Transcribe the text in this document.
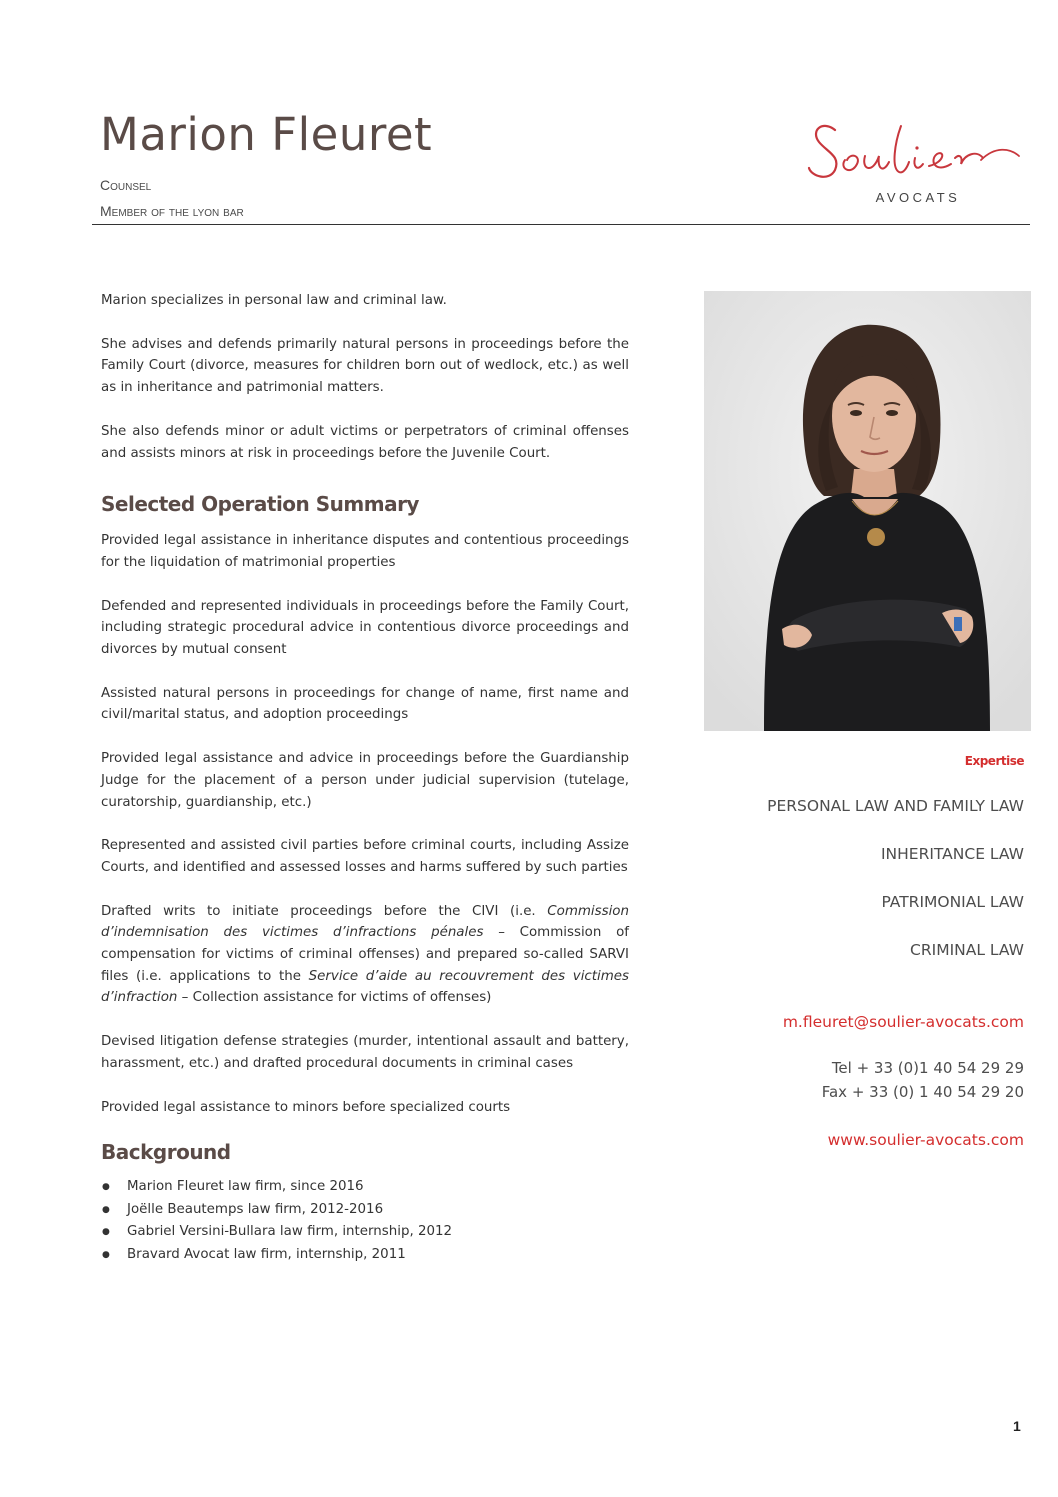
Marion Fleuret
Counsel
Member of the lyon bar
AVOCATS

Marion specializes in personal law and criminal law.

She advises and defends primarily natural persons in proceedings before the Family Court (divorce, measures for children born out of wedlock, etc.) as well as in inheritance and patrimonial matters.

She also defends minor or adult victims or perpetrators of criminal offenses and assists minors at risk in proceedings before the Juvenile Court.

Selected Operation Summary

Provided legal assistance in inheritance disputes and contentious proceedings for the liquidation of matrimonial properties

Defended and represented individuals in proceedings before the Family Court, including strategic procedural advice in contentious divorce proceedings and divorces by mutual consent

Assisted natural persons in proceedings for change of name, first name and civil/marital status, and adoption proceedings

Provided legal assistance and advice in proceedings before the Guardianship Judge for the placement of a person under judicial supervision (tutelage, curatorship, guardianship, etc.)

Represented and assisted civil parties before criminal courts, including Assize Courts, and identified and assessed losses and harms suffered by such parties

Drafted writs to initiate proceedings before the CIVI (i.e. Commission d’indemnisation des victimes d’infractions pénales – Commission of compensation for victims of criminal offenses) and prepared so-called SARVI files (i.e. applications to the Service d’aide au recouvrement des victimes d’infraction – Collection assistance for victims of offenses)

Devised litigation defense strategies (murder, intentional assault and battery, harassment, etc.) and drafted procedural documents in criminal cases

Provided legal assistance to minors before specialized courts

Background
● Marion Fleuret law firm, since 2016
● Joëlle Beautemps law firm, 2012-2016
● Gabriel Versini-Bullara law firm, internship, 2012
● Bravard Avocat law firm, internship, 2011
Expertise
PERSONAL LAW AND FAMILY LAW
INHERITANCE LAW
PATRIMONIAL LAW
CRIMINAL LAW
m.fleuret@soulier-avocats.com
Tel + 33 (0)1 40 54 29 29
Fax + 33 (0) 1 40 54 29 20
www.soulier-avocats.com
1
